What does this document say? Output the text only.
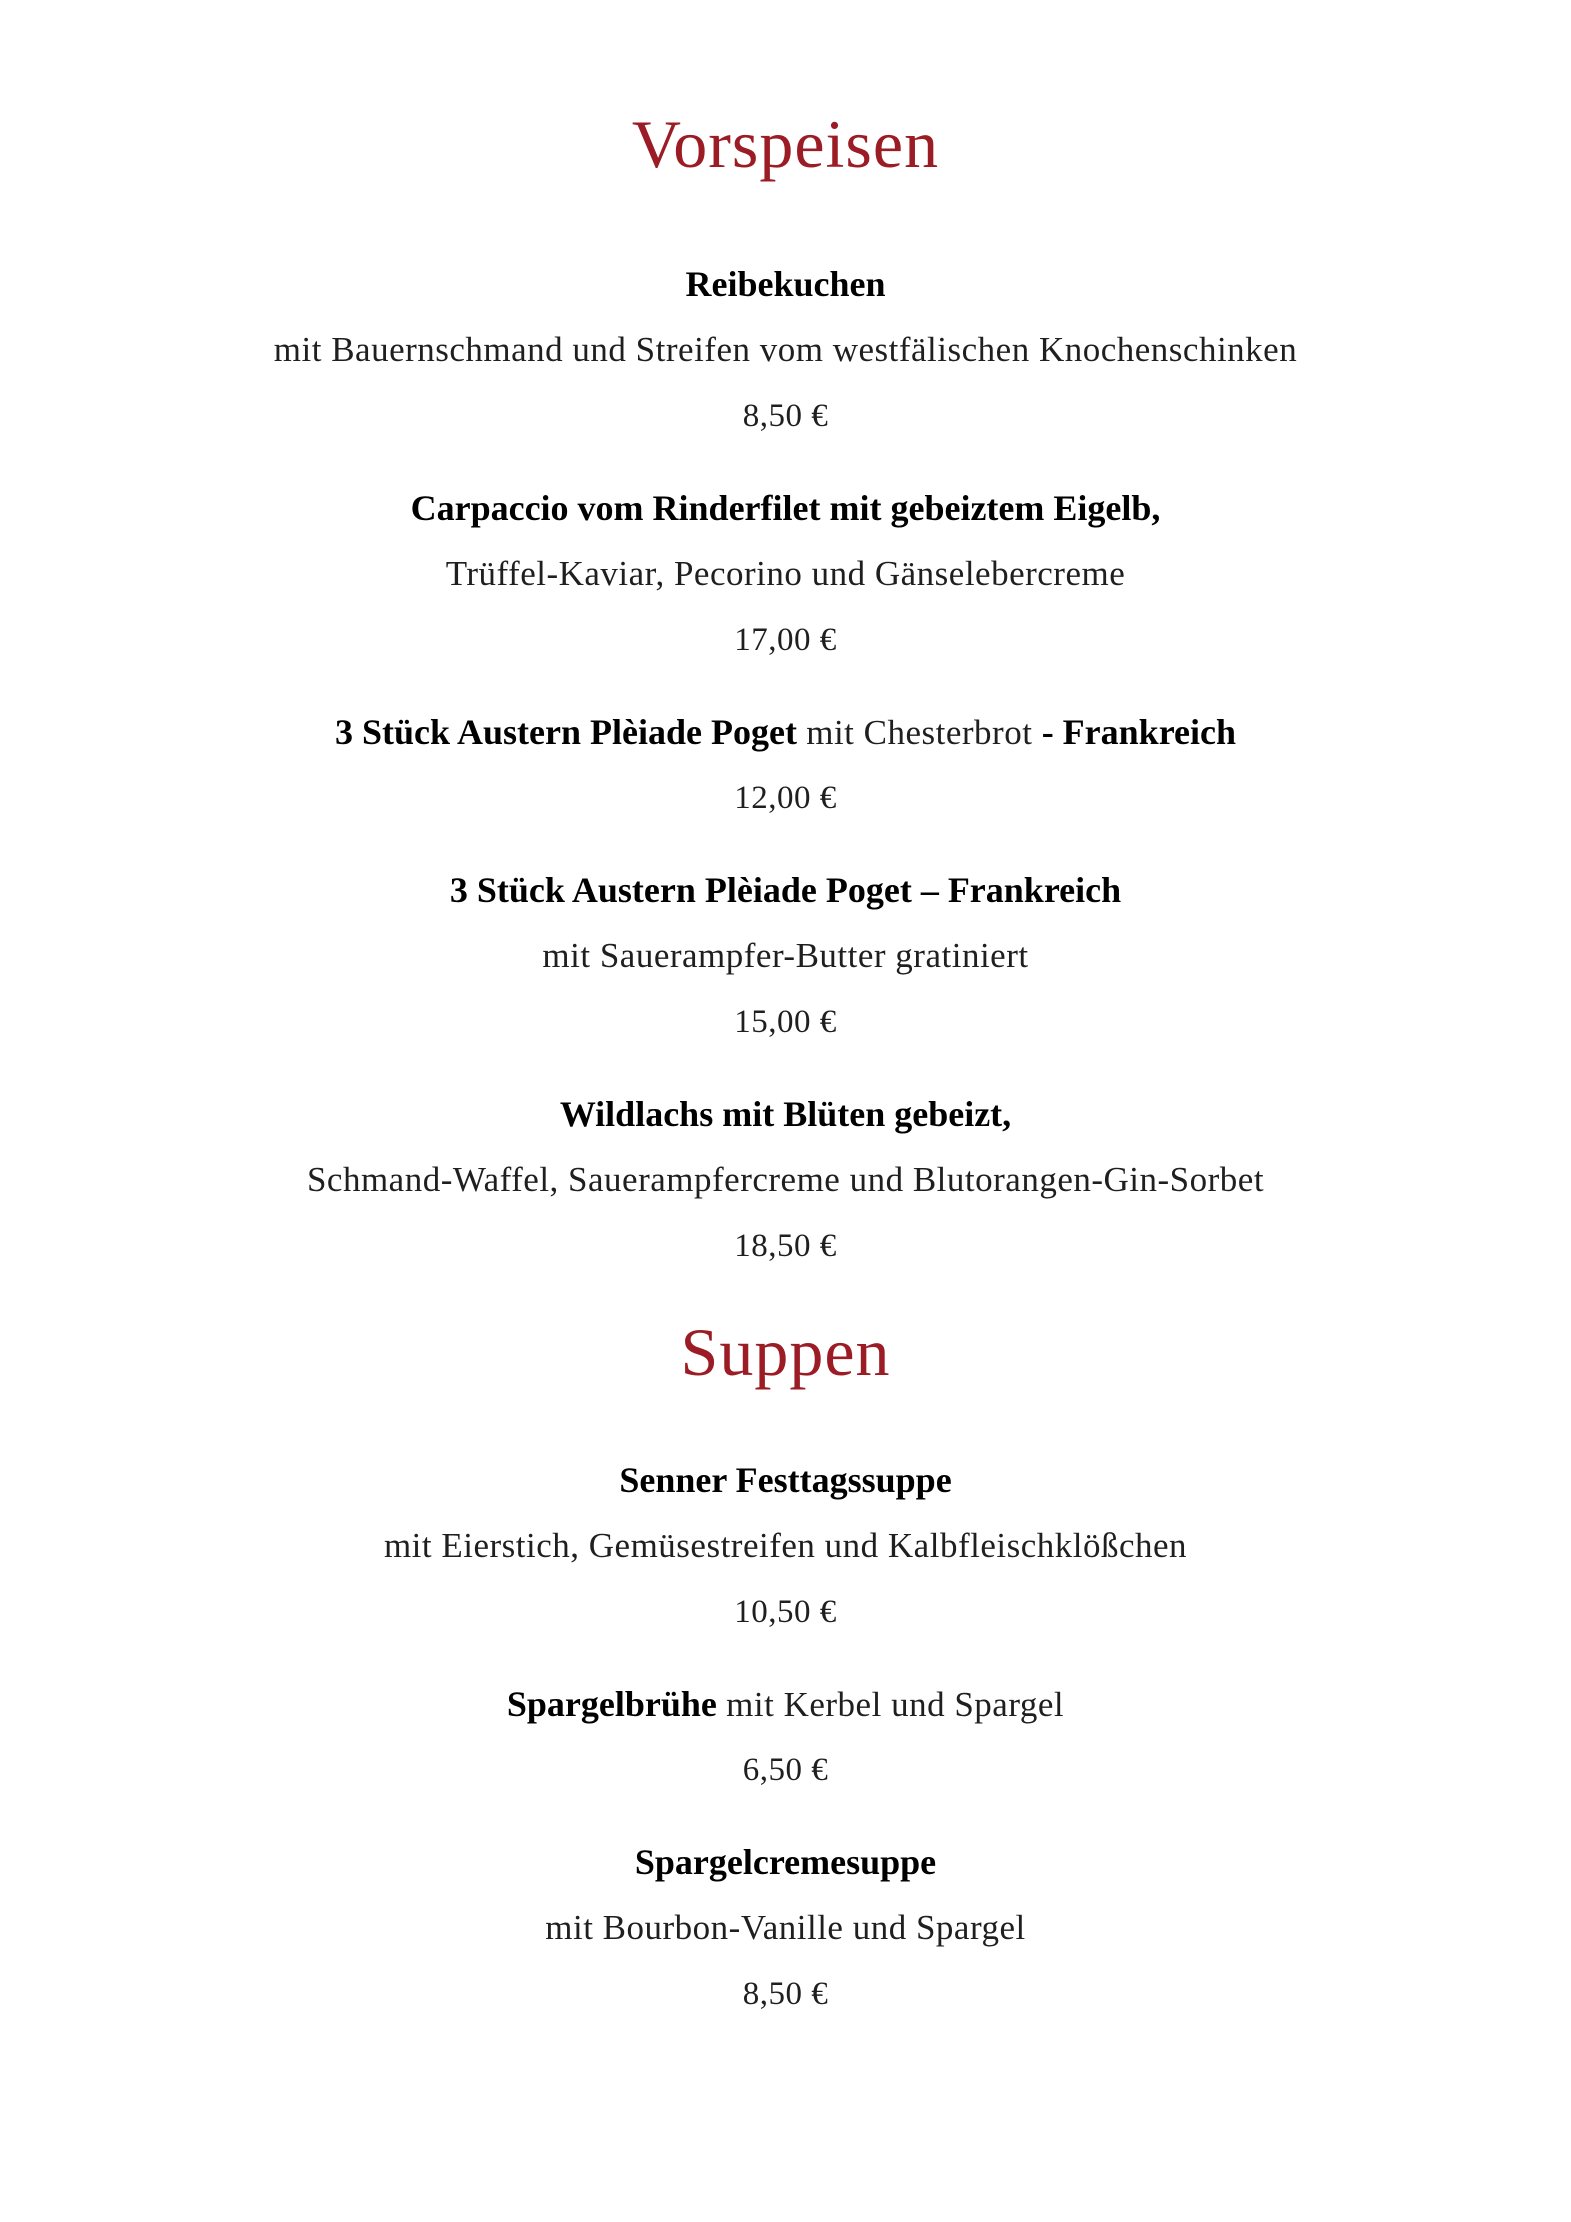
Vorspeisen

Reibekuchen

mit Bauernschmand und Streifen vom westfälischen Knochenschinken

8,50 €

Carpaccio vom Rinderfilet mit gebeiztem Eigelb,

Trüffel-Kaviar, Pecorino und Gänselebercreme

17,00 €

3 Stück Austern Plèiade Poget mit Chesterbrot - Frankreich

12,00 €

3 Stück Austern Plèiade Poget – Frankreich

mit Sauerampfer-Butter gratiniert

15,00 €

Wildlachs mit Blüten gebeizt,

Schmand-Waffel, Sauerampfercreme und Blutorangen-Gin-Sorbet

18,50 €

Suppen

Senner Festtagssuppe

mit Eierstich, Gemüsestreifen und Kalbfleischklößchen

10,50 €

Spargelbrühe mit Kerbel und Spargel

6,50 €

Spargelcremesuppe

mit Bourbon-Vanille und Spargel

8,50 €
